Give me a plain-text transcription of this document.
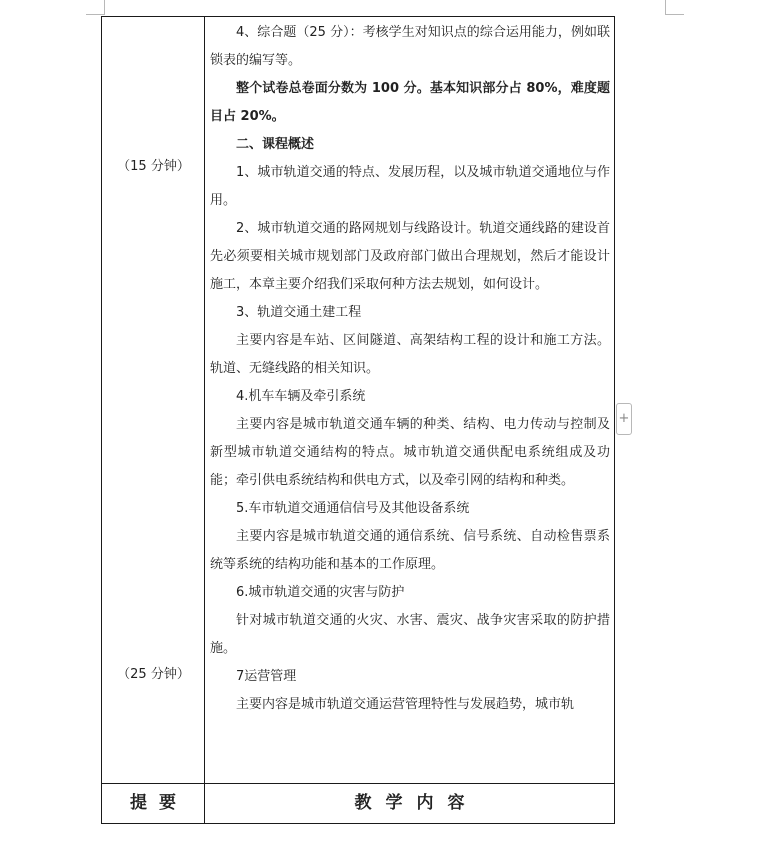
（15 分钟）
（25 分钟）

4、综合题（25 分）：考核学生对知识点的综合运用能力，例如联锁表的编写等。

整个试卷总卷面分数为 100 分。基本知识部分占 80%，难度题目占 20%。

二、课程概述

1、城市轨道交通的特点、发展历程，以及城市轨道交通地位与作用。

2、城市轨道交通的路网规划与线路设计。轨道交通线路的建设首先必须要相关城市规划部门及政府部门做出合理规划，然后才能设计施工，本章主要介绍我们采取何种方法去规划，如何设计。

3、轨道交通土建工程

主要内容是车站、区间隧道、高架结构工程的设计和施工方法。轨道、无缝线路的相关知识。

4.机车车辆及牵引系统

主要内容是城市轨道交通车辆的种类、结构、电力传动与控制及新型城市轨道交通结构的特点。城市轨道交通供配电系统组成及功能；牵引供电系统结构和供电方式，以及牵引网的结构和种类。

5.车市轨道交通通信信号及其他设备系统

主要内容是城市轨道交通的通信系统、信号系统、自动检售票系统等系统的结构功能和基本的工作原理。

6.城市轨道交通的灾害与防护

针对城市轨道交通的火灾、水害、震灾、战争灾害采取的防护措施。

7运营管理

主要内容是城市轨道交通运营管理特性与发展趋势，城市轨

提要	教学内容
+
